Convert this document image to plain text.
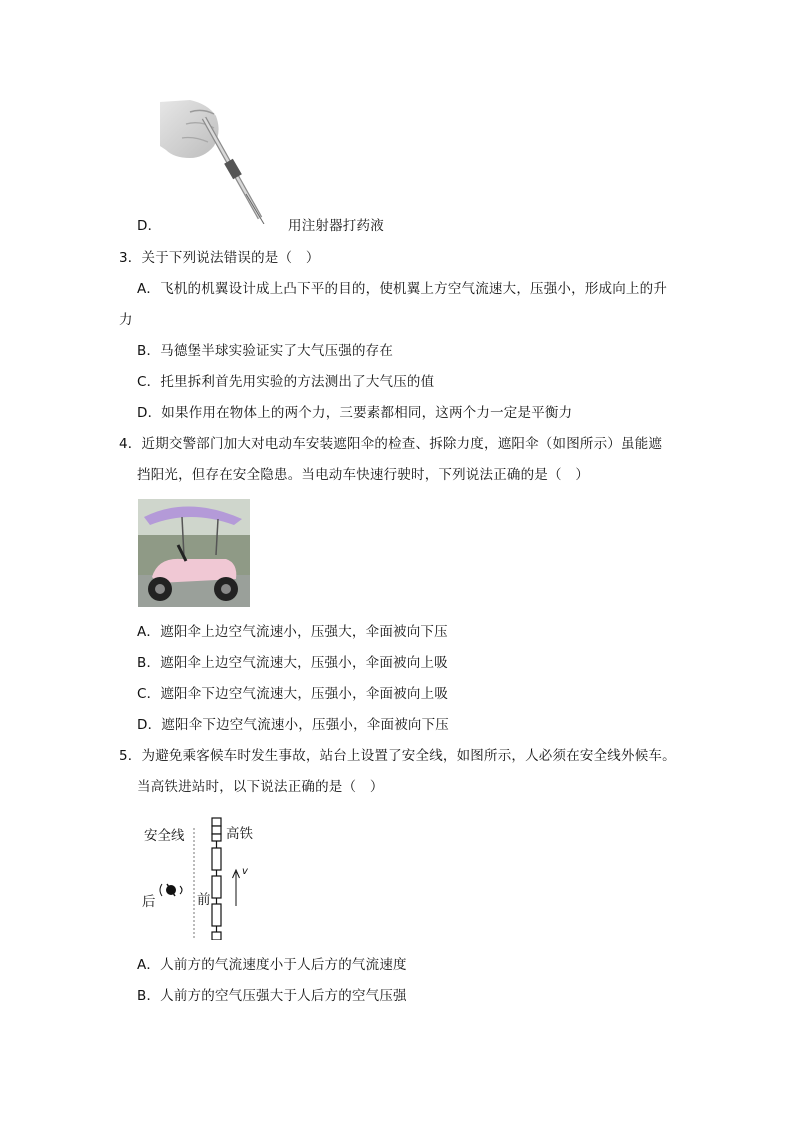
D．	用注射器打药液
3．关于下列说法错误的是（　）
A．飞机的机翼设计成上凸下平的目的，使机翼上方空气流速大，压强小，形成向上的升
力
B．马德堡半球实验证实了大气压强的存在
C．托里拆利首先用实验的方法测出了大气压的值
D．如果作用在物体上的两个力，三要素都相同，这两个力一定是平衡力
4．近期交警部门加大对电动车安装遮阳伞的检查、拆除力度，遮阳伞（如图所示）虽能遮
挡阳光，但存在安全隐患。当电动车快速行驶时，下列说法正确的是（　）
A．遮阳伞上边空气流速小，压强大，伞面被向下压
B．遮阳伞上边空气流速大，压强小，伞面被向上吸
C．遮阳伞下边空气流速大，压强小，伞面被向上吸
D．遮阳伞下边空气流速小，压强小，伞面被向下压
5．为避免乘客候车时发生事故，站台上设置了安全线，如图所示，人必须在安全线外候车。
当高铁进站时，以下说法正确的是（　）
安全线	高铁
后	前
v
A．人前方的气流速度小于人后方的气流速度
B．人前方的空气压强大于人后方的空气压强
